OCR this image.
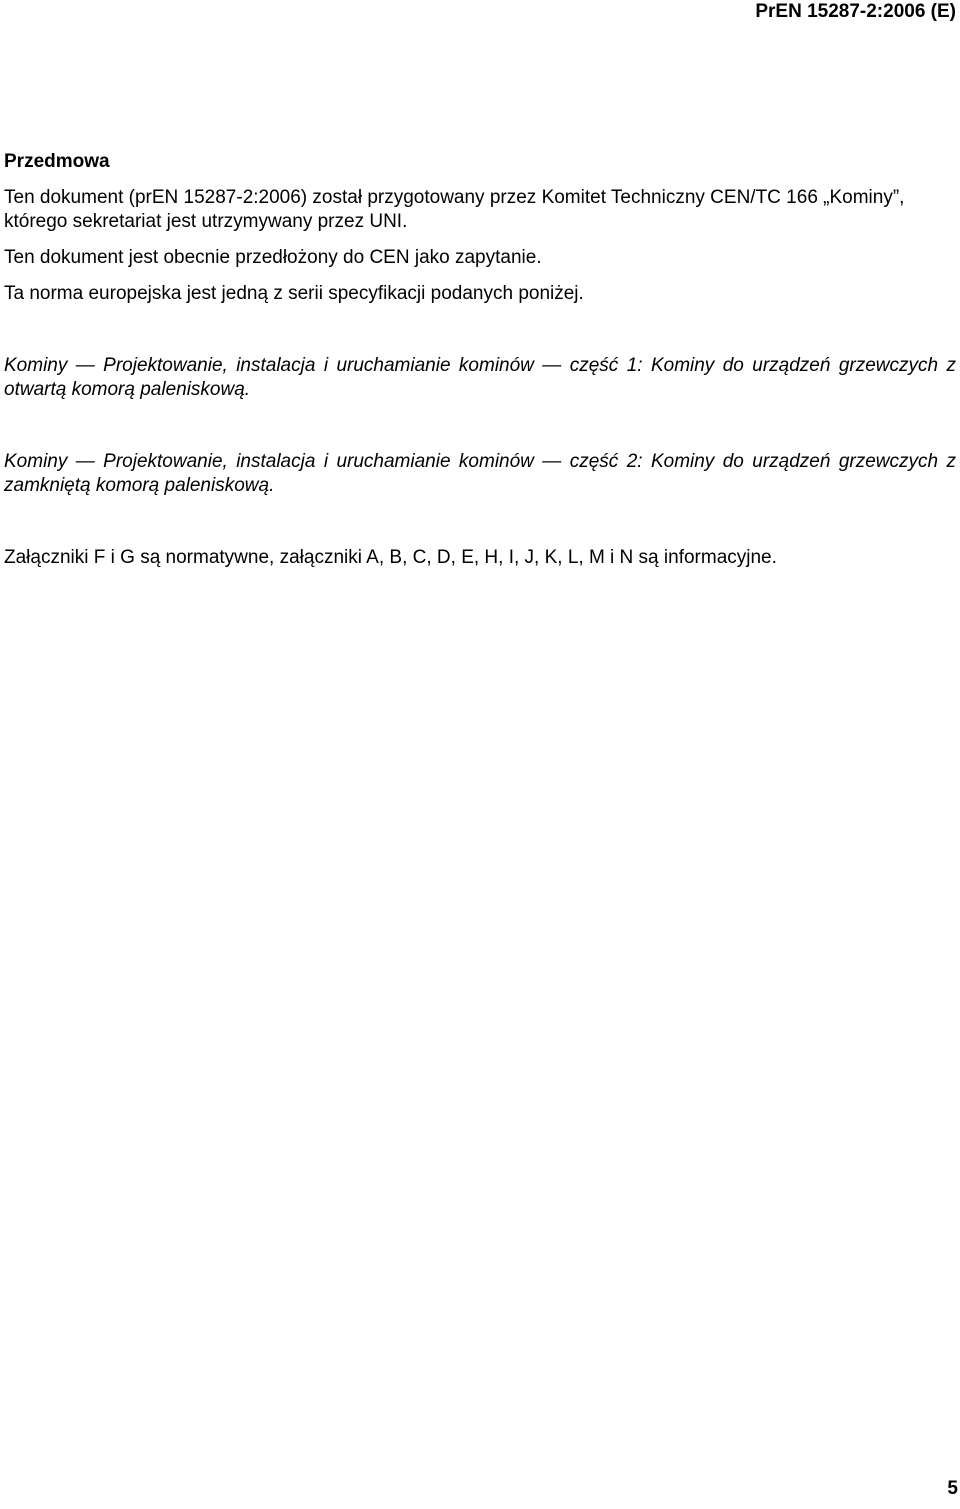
PrEN 15287-2:2006 (E)
Przedmowa

Ten dokument (prEN 15287-2:2006) został przygotowany przez Komitet Techniczny CEN/TC 166 „Kominy”, którego sekretariat jest utrzymywany przez UNI.

Ten dokument jest obecnie przedłożony do CEN jako zapytanie.

Ta norma europejska jest jedną z serii specyfikacji podanych poniżej.

Kominy — Projektowanie, instalacja i uruchamianie kominów — część 1: Kominy do urządzeń grzewczych z otwartą komorą paleniskową.

Kominy — Projektowanie, instalacja i uruchamianie kominów — część 2: Kominy do urządzeń grzewczych z zamkniętą komorą paleniskową.

Załączniki F i G są normatywne, załączniki A, B, C, D, E, H, I, J, K, L, M i N są informacyjne.

5
